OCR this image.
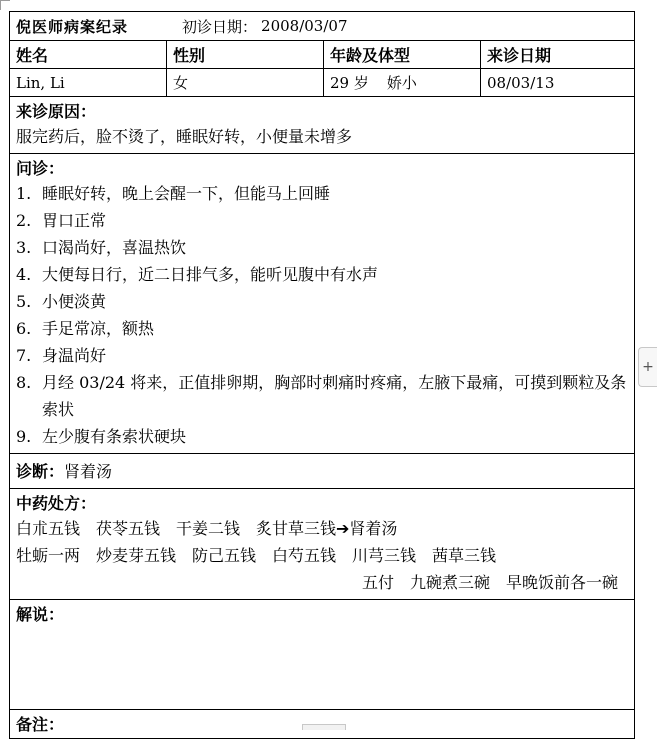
倪医师病案纪录	初诊日期： 2008/03/07
姓名	性别	年龄及体型	来诊日期
Lin, Li	女	29 岁 娇小	08/03/13
来诊原因：
服完药后，脸不烫了，睡眠好转，小便量未增多
问诊：
1. 睡眠好转，晚上会醒一下，但能马上回睡
2. 胃口正常
3. 口渴尚好，喜温热饮
4. 大便每日行，近二日排气多，能听见腹中有水声
5. 小便淡黄
6. 手足常凉，额热
7. 身温尚好
8. 月经 03/24 将来，正值排卵期，胸部时刺痛时疼痛，左腋下最痛，可摸到颗粒及条索状
9. 左少腹有条索状硬块
诊断：肾着汤
中药处方：
白朮五钱　茯苓五钱　干姜二钱　炙甘草三钱➔肾着汤
牡蛎一两　炒麦芽五钱　防己五钱　白芍五钱　川芎三钱　茜草三钱
五付　九碗煮三碗　早晚饭前各一碗
解说：
备注：
+
